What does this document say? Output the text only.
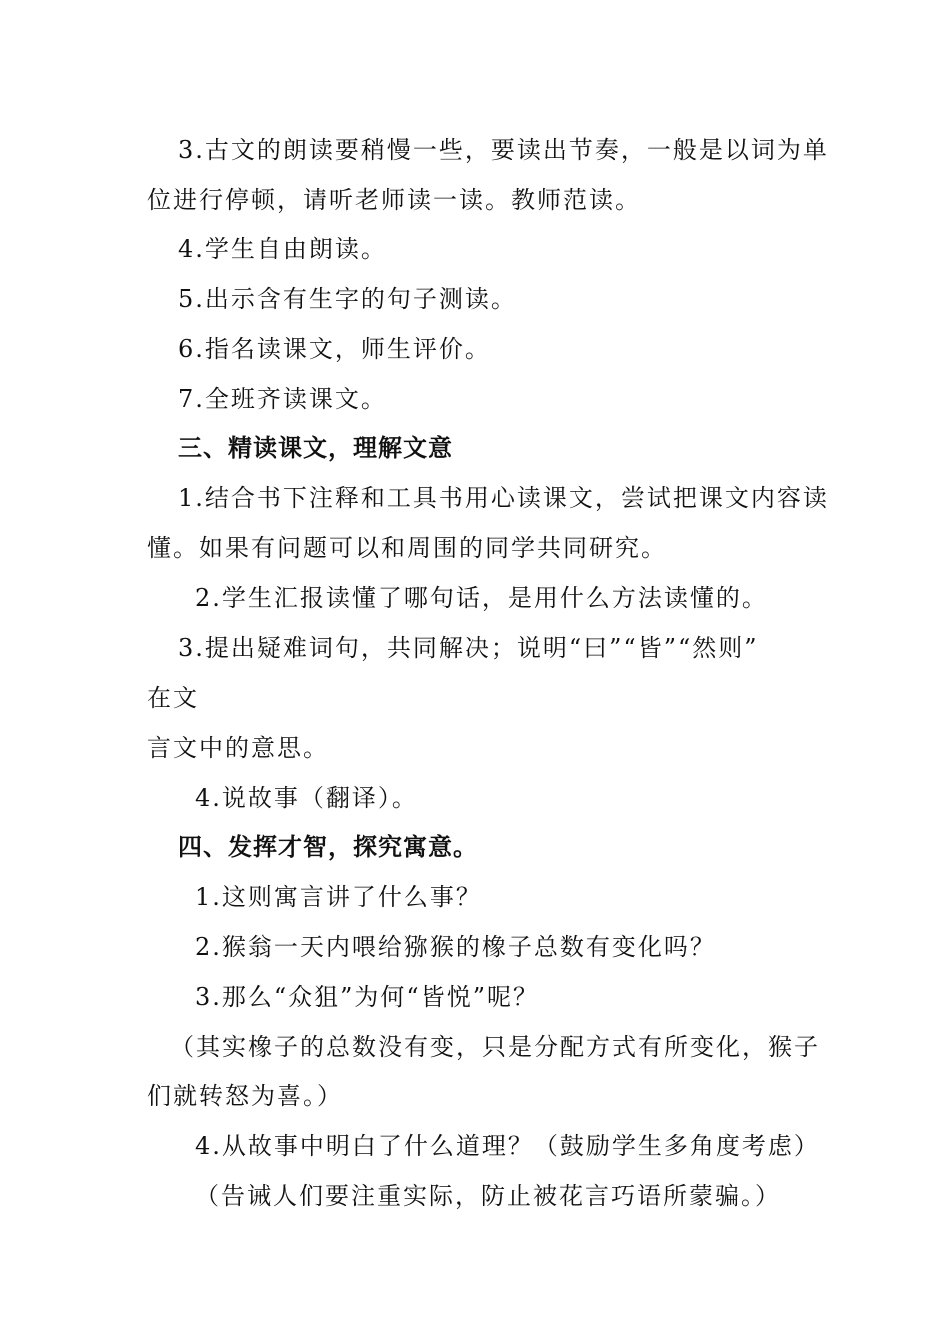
3.古文的朗读要稍慢一些，要读出节奏，一般是以词为单
位进行停顿，请听老师读一读。教师范读。
4.学生自由朗读。
5.出示含有生字的句子测读。
6.指名读课文，师生评价。
7.全班齐读课文。
三、精读课文，理解文意
1.结合书下注释和工具书用心读课文，尝试把课文内容读
懂。如果有问题可以和周围的同学共同研究。
2.学生汇报读懂了哪句话，是用什么方法读懂的。
3.提出疑难词句，共同解决；说明“曰”“皆”“然则”
在文
言文中的意思。
4.说故事（翻译）。
四、发挥才智，探究寓意。
1.这则寓言讲了什么事？
2.猴翁一天内喂给猕猴的橡子总数有变化吗？
3.那么“众狙”为何“皆悦”呢？
（其实橡子的总数没有变，只是分配方式有所变化，猴子
们就转怒为喜。）
4.从故事中明白了什么道理？（鼓励学生多角度考虑）
（告诫人们要注重实际，防止被花言巧语所蒙骗。）
